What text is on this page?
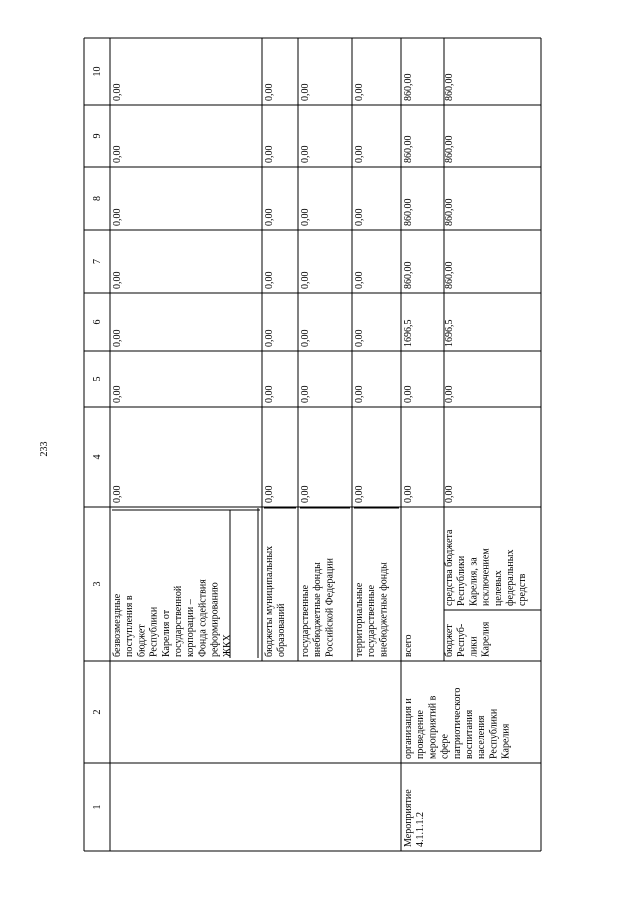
233
1
2
3
4
5
6
7
8
9
10
безвозмездные поступления в бюджет Республики Карелия от государственной корпорации – Фонда содействия реформированию ЖКХ
0,00
0,00
0,00
0,00
0,00
0,00
0,00
бюджеты муниципальных образований
0,00
0,00
0,00
0,00
0,00
0,00
0,00
государственные внебюджетные фонды Российской Федерации
0,00
0,00
0,00
0,00
0,00
0,00
0,00
территориальные государственные внебюджетные фонды
0,00
0,00
0,00
0,00
0,00
0,00
0,00
Мероприятие 4.1.1.1.2
организация и проведение мероприятий в сфере патриотического воспитания населения Республики Карелия
всего
0,00
0,00
1696,5
860,00
860,00
860,00
860,00
бюджет Респуб- лики Карелия
средства бюджета Республики Карелия, за исключением целевых федеральных средств
0,00
0,00
1696,5
860,00
860,00
860,00
860,00
